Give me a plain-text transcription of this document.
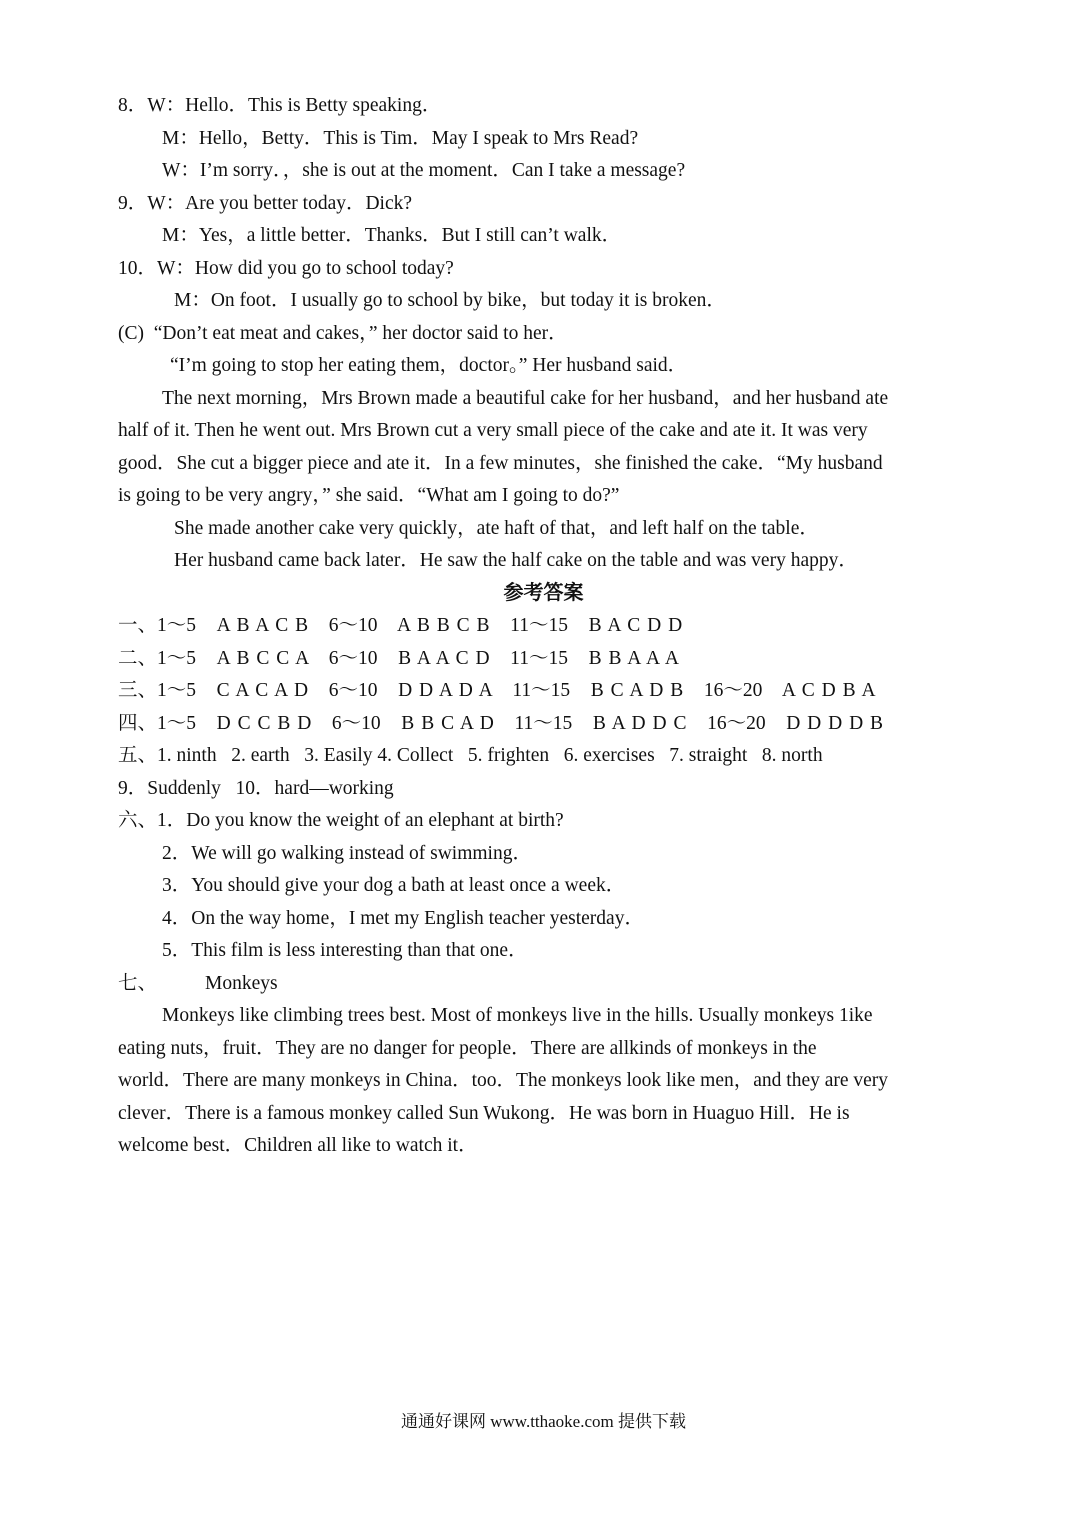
8．W：Hello．This is Betty speaking．
M：Hello，Betty．This is Tim．May I speak to Mrs Read?
W：I’m sorry．，she is out at the moment．Can I take a message?
9．W：Are you better today．Dick?
M：Yes，a little better．Thanks．But I still can’t walk．
10．W：How did you go to school today?
M：On foot．I usually go to school by bike，but today it is broken．
(C)  “Don’t eat meat and cakes，” her doctor said to her．
“I’m going to stop her eating them，doctor。” Her husband said．
The next morning，Mrs Brown made a beautiful cake for her husband，and her husband ate
half of it. Then he went out. Mrs Brown cut a very small piece of the cake and ate it. It was very
good．She cut a bigger piece and ate it．In a few minutes，she finished the cake．“My husband
is going to be very angry，” she said．“What am I going to do?”
She made another cake very quickly，ate haft of that，and left half on the table．
Her husband came back later．He saw the half cake on the table and was very happy．
参考答案
一、1～5   A B A C B   6～10   A B B C B   11～15   B A C D D
二、1～5   A B C C A   6～10   B A A C D   11～15   B B A A A
三、1～5   C A C A D   6～10   D D A D A   11～15   B C A D B   16～20   A C D B A
四、1～5   D C C B D   6～10   B B C A D   11～15   B A D D C   16～20   D D D D B
五、1. ninth   2. earth   3. Easily 4. Collect   5. frighten   6. exercises   7. straight   8. north
9．Suddenly   10．hard—working
六、1．Do you know the weight of an elephant at birth?
2．We will go walking instead of swimming．
3．You should give your dog a bath at least once a week．
4．On the way home，I met my English teacher yesterday．
5．This film is less interesting than that one．
七、 Monkeys
Monkeys like climbing trees best. Most of monkeys live in the hills. Usually monkeys 1ike
eating nuts，fruit．They are no danger for people．There are allkinds of monkeys in the
world．There are many monkeys in China．too．The monkeys look like men，and they are very
clever．There is a famous monkey called Sun Wukong．He was born in Huaguo Hill．He is
welcome best．Children all like to watch it．
通通好课网 www.tthaoke.com 提供下载
